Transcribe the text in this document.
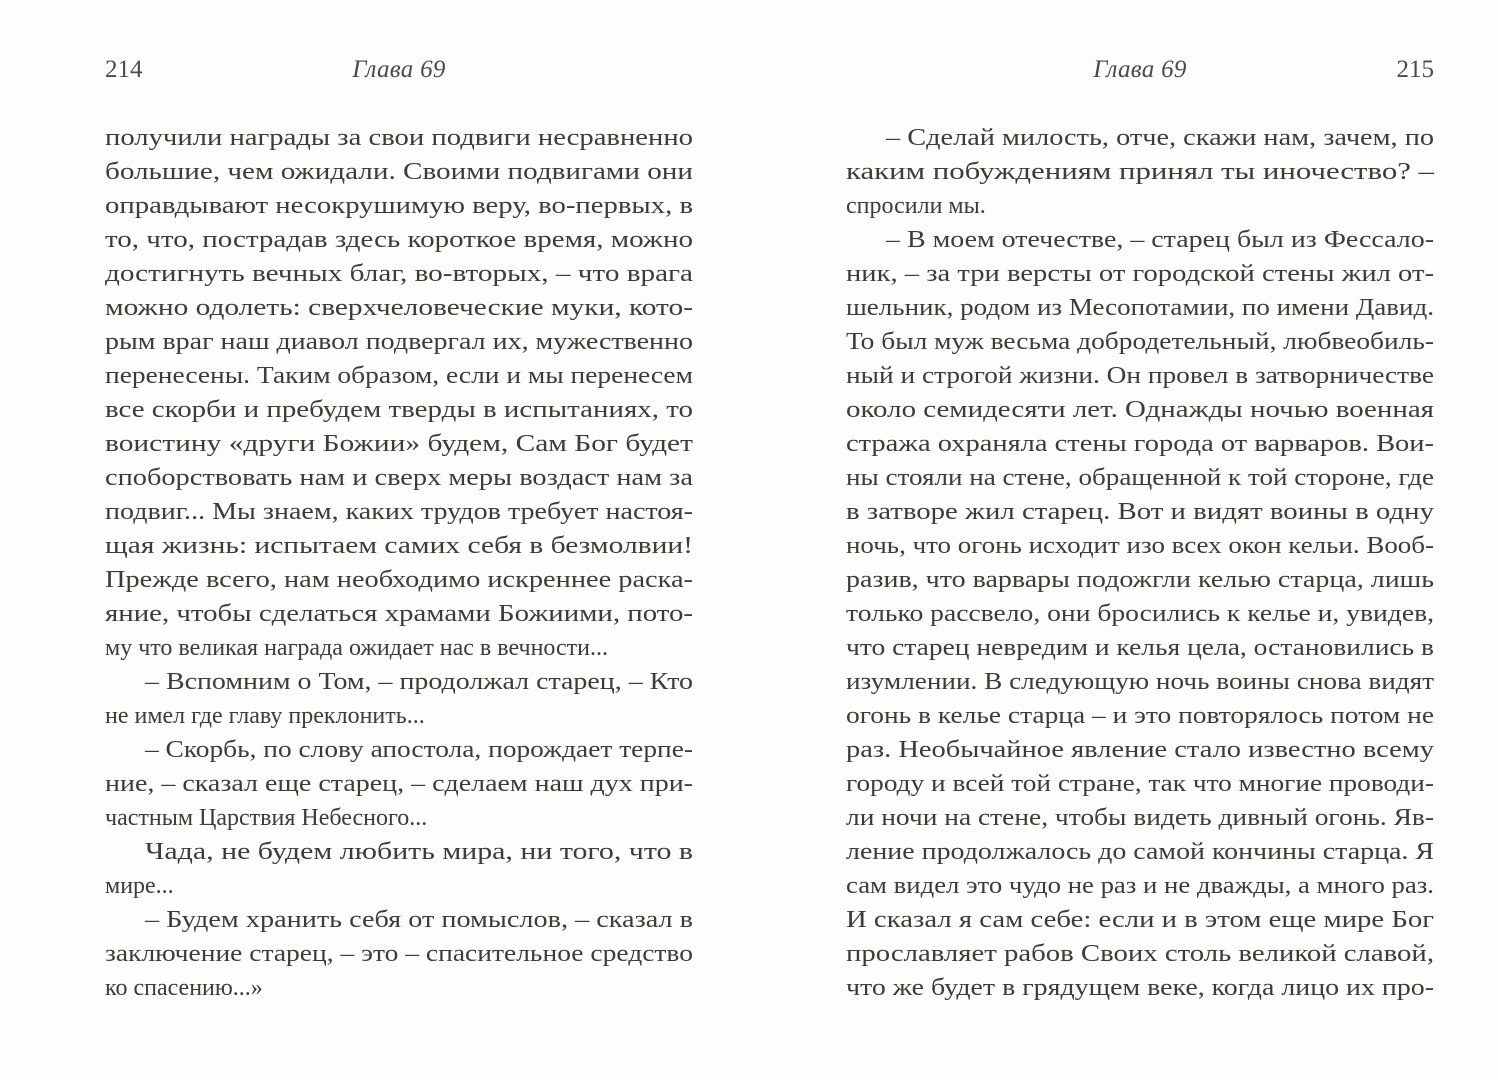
214	Глава 69
получили награды за свои подвиги несравненно
большие, чем ожидали. Своими подвигами они
оправдывают несокрушимую веру, во-первых, в
то, что, пострадав здесь короткое время, можно
достигнуть вечных благ, во-вторых, – что врага
можно одолеть: сверхчеловеческие муки, кото-
рым враг наш диавол подвергал их, мужественно
перенесены. Таким образом, если и мы перенесем
все скорби и пребудем тверды в испытаниях, то
воистину «други Божии» будем, Сам Бог будет
споборствовать нам и сверх меры воздаст нам за
подвиг... Мы знаем, каких трудов требует настоя-
щая жизнь: испытаем самих себя в безмолвии!
Прежде всего, нам необходимо искреннее раска-
яние, чтобы сделаться храмами Божиими, пото-
му что великая награда ожидает нас в вечности...
– Вспомним о Том, – продолжал старец, – Кто
не имел где главу преклонить...
– Скорбь, по слову апостола, порождает терпе-
ние, – сказал еще старец, – сделаем наш дух при-
частным Царствия Небесного...
Чада, не будем любить мира, ни того, что в
мире...
– Будем хранить себя от помыслов, – сказал в
заключение старец, – это – спасительное средство
ко спасению...»
Глава 69	215
– Сделай милость, отче, скажи нам, зачем, по
каким побуждениям принял ты иночество? –
спросили мы.
– В моем отечестве, – старец был из Фессало-
ник, – за три версты от городской стены жил от-
шельник, родом из Месопотамии, по имени Давид.
То был муж весьма добродетельный, любвеобиль-
ный и строгой жизни. Он провел в затворничестве
около семидесяти лет. Однажды ночью военная
стража охраняла стены города от варваров. Вои-
ны стояли на стене, обращенной к той стороне, где
в затворе жил старец. Вот и видят воины в одну
ночь, что огонь исходит изо всех окон кельи. Вооб-
разив, что варвары подожгли келью старца, лишь
только рассвело, они бросились к келье и, увидев,
что старец невредим и келья цела, остановились в
изумлении. В следующую ночь воины снова видят
огонь в келье старца – и это повторялось потом не
раз. Необычайное явление стало известно всему
городу и всей той стране, так что многие проводи-
ли ночи на стене, чтобы видеть дивный огонь. Яв-
ление продолжалось до самой кончины старца. Я
сам видел это чудо не раз и не дважды, а много раз.
И сказал я сам себе: если и в этом еще мире Бог
прославляет рабов Своих столь великой славой,
что же будет в грядущем веке, когда лицо их про-
